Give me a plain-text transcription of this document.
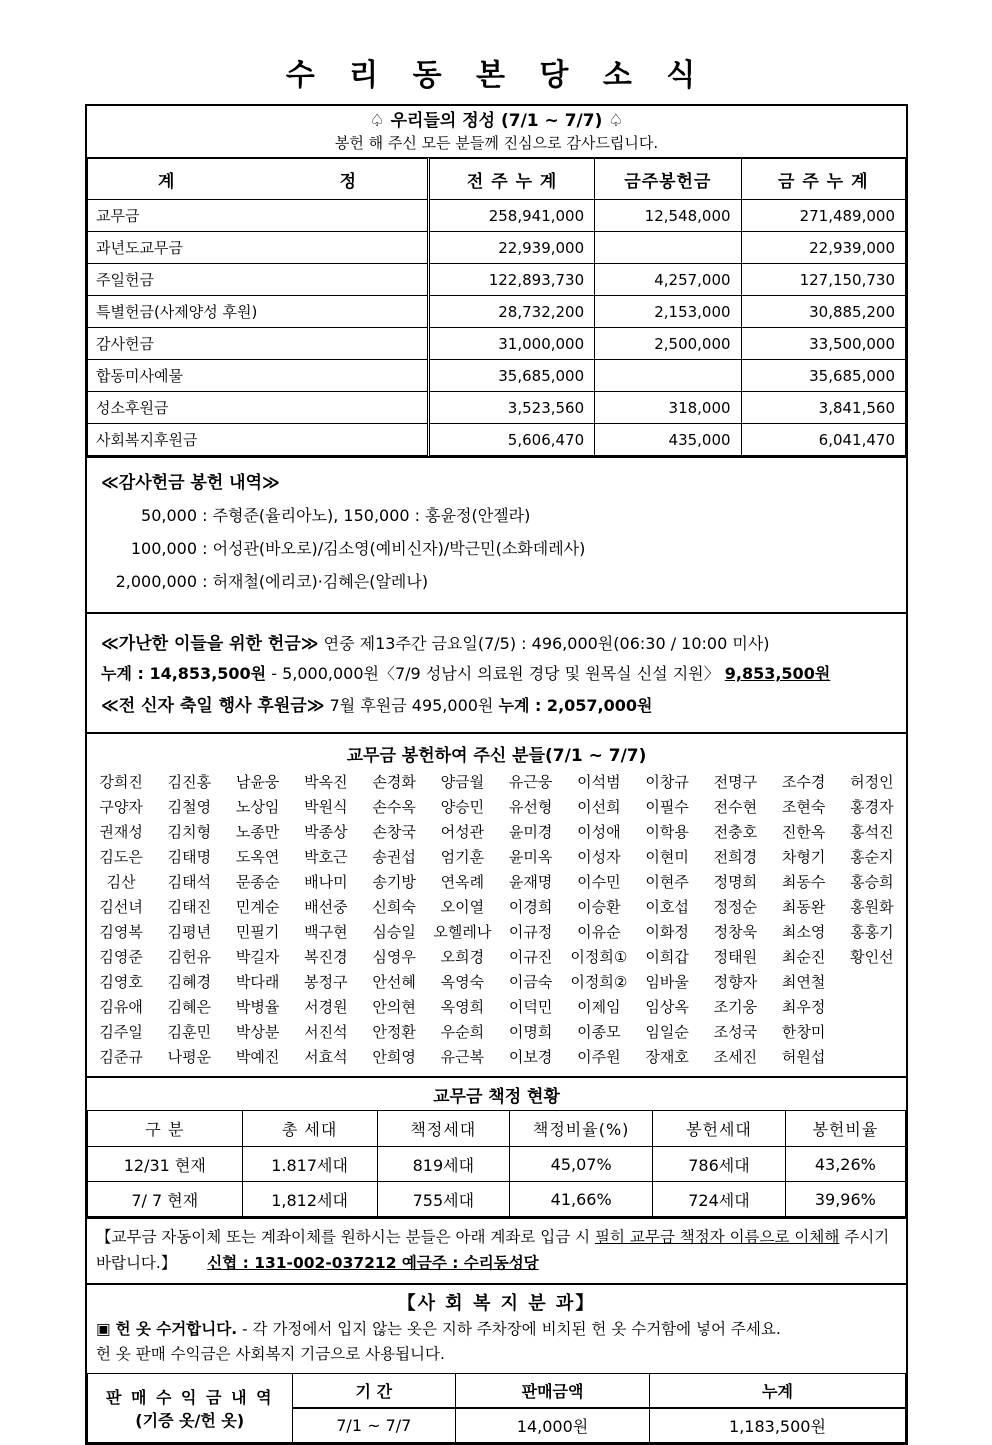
수 리 동 본 당 소 식
♤ 우리들의 정성 (7/1 ~ 7/7) ♤
봉헌 해 주신 모든 분들께 진심으로 감사드립니다.
계 정	전 주 누 계	금주봉헌금	금 주 누 계
교무금	258,941,000	12,548,000	271,489,000
과년도교무금	22,939,000		22,939,000
주일헌금	122,893,730	4,257,000	127,150,730
특별헌금(사제양성 후원)	28,732,200	2,153,000	30,885,200
감사헌금	31,000,000	2,500,000	33,500,000
합동미사예물	35,685,000		35,685,000
성소후원금	3,523,560	318,000	3,841,560
사회복지후원금	5,606,470	435,000	6,041,470
≪감사헌금 봉헌 내역≫
50,000 : 주형준(율리아노), 150,000 : 홍윤정(안젤라)
100,000 : 어성관(바오로)/김소영(예비신자)/박근민(소화데레사)
2,000,000 : 허재철(에리코)·김혜은(알레나)
≪가난한 이들을 위한 헌금≫ 연중 제13주간 금요일(7/5) : 496,000원(06:30 / 10:00 미사)
누계 : 14,853,500원 - 5,000,000원〈7/9 성남시 의료원 경당 및 원목실 신설 지원〉 9,853,500원
≪전 신자 축일 행사 후원금≫ 7월 후원금 495,000원 누계 : 2,057,000원
교무금 봉헌하여 주신 분들(7/1 ~ 7/7)
강희진	김진홍	남윤웅	박옥진	손경화	양금월	유근웅	이석범	이창규	전명구	조수경	허정인
구양자	김철영	노상임	박원식	손수옥	양승민	유선형	이선희	이필수	전수현	조현숙	홍경자
권재성	김치형	노종만	박종상	손창국	어성관	윤미경	이성애	이학용	전충호	진한옥	홍석진
김도은	김태명	도옥연	박호근	송권섭	엄기훈	윤미옥	이성자	이현미	전희경	차형기	홍순지
김산	김태석	문종순	배나미	송기방	연옥례	윤재명	이수민	이현주	정명희	최동수	홍승희
김선녀	김태진	민계순	배선중	신희숙	오이열	이경희	이승환	이호섭	정정순	최동완	홍원화
김영복	김평년	민필기	백구현	심승일	오헬레나	이규정	이유순	이화정	정창욱	최소영	홍홍기
김영준	김헌유	박길자	복진경	심영우	오희경	이규진	이정희①	이희갑	정태원	최순진	황인선
김영호	김혜경	박다래	봉정구	안선혜	옥영숙	이금숙	이정희②	임바울	정향자	최연철	
김유애	김혜은	박병율	서경원	안의현	옥영희	이덕민	이제임	임상옥	조기웅	최우정	
김주일	김훈민	박상분	서진석	안정환	우순희	이명희	이종모	임일순	조성국	한창미	
김준규	나평운	박예진	서효석	안희영	유근복	이보경	이주원	장재호	조세진	허원섭	
교무금 책정 현황
구 분	총 세대	책정세대	책정비율(%)	봉헌세대	봉헌비율
12/31 현재	1.817세대	819세대	45,07%	786세대	43,26%
7/ 7 현재	1,812세대	755세대	41,66%	724세대	39,96%
【교무금 자동이체 또는 계좌이체를 원하시는 분들은 아래 계좌로 입금 시 필히 교무금 책정자 이름으로 이체해 주시기 바랍니다.】 신협 : 131-002-037212 예금주 : 수리동성당
【사 회 복 지 분 과】
▣ 헌 옷 수거합니다. - 각 가정에서 입지 않는 옷은 지하 주차장에 비치된 헌 옷 수거함에 넣어 주세요.
헌 옷 판매 수익금은 사회복지 기금으로 사용됩니다.
판 매 수 익 금 내 역
(기증 옷/헌 옷)	기 간	판매금액	누계
	7/1 ~ 7/7	14,000원	1,183,500원
